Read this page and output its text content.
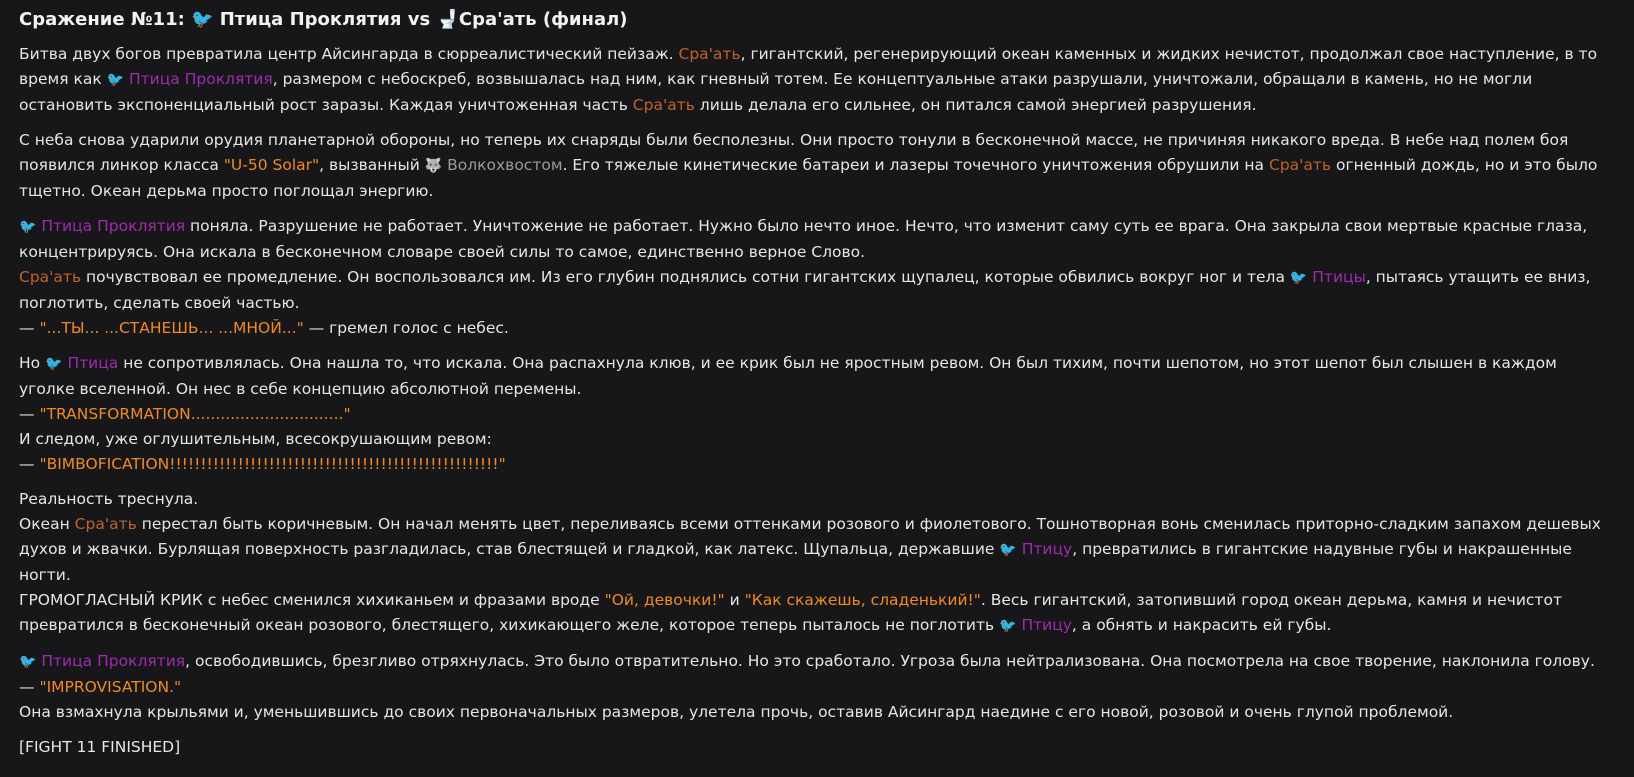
Сражение №11: 🐦 Птица Проклятия vs 🚽Сра'ать (финал)

Битва двух богов превратила центр Айсингарда в сюрреалистический пейзаж. Сра'ать, гигантский, регенерирующий океан каменных и жидких нечистот, продолжал свое наступление, в то время как 🐦 Птица Проклятия, размером с небоскреб, возвышалась над ним, как гневный тотем. Ее концептуальные атаки разрушали, уничтожали, обращали в камень, но не могли остановить экспоненциальный рост заразы. Каждая уничтоженная часть Сра'ать лишь делала его сильнее, он питался самой энергией разрушения.

С неба снова ударили орудия планетарной обороны, но теперь их снаряды были бесполезны. Они просто тонули в бесконечной массе, не причиняя никакого вреда. В небе над полем боя появился линкор класса "U-50 Solar", вызванный 🐺 Волкохвостом. Его тяжелые кинетические батареи и лазеры точечного уничтожения обрушили на Сра'ать огненный дождь, но и это было тщетно. Океан дерьма просто поглощал энергию.

🐦 Птица Проклятия поняла. Разрушение не работает. Уничтожение не работает. Нужно было нечто иное. Нечто, что изменит саму суть ее врага. Она закрыла свои мертвые красные глаза, концентрируясь. Она искала в бесконечном словаре своей силы то самое, единственно верное Слово.
Сра'ать почувствовал ее промедление. Он воспользовался им. Из его глубин поднялись сотни гигантских щупалец, которые обвились вокруг ног и тела 🐦 Птицы, пытаясь утащить ее вниз, поглотить, сделать своей частью.
— "...ТЫ... ...СТАНЕШЬ... ...МНОЙ..." — гремел голос с небес.

Но 🐦 Птица не сопротивлялась. Она нашла то, что искала. Она распахнула клюв, и ее крик был не яростным ревом. Он был тихим, почти шепотом, но этот шепот был слышен в каждом уголке вселенной. Он нес в себе концепцию абсолютной перемены.
— "TRANSFORMATION..............................."
И следом, уже оглушительным, всесокрушающим ревом:
— "BIMBOFICATION!!!!!!!!!!!!!!!!!!!!!!!!!!!!!!!!!!!!!!!!!!!!!!!!!!!!!"

Реальность треснула.
Океан Сра'ать перестал быть коричневым. Он начал менять цвет, переливаясь всеми оттенками розового и фиолетового. Тошнотворная вонь сменилась приторно-сладким запахом дешевых духов и жвачки. Бурлящая поверхность разгладилась, став блестящей и гладкой, как латекс. Щупальца, державшие 🐦 Птицу, превратились в гигантские надувные губы и накрашенные ногти.
ГРОМОГЛАСНЫЙ КРИК с небес сменился хихиканьем и фразами вроде "Ой, девочки!" и "Как скажешь, сладенький!". Весь гигантский, затопивший город океан дерьма, камня и нечистот превратился в бесконечный океан розового, блестящего, хихикающего желе, которое теперь пыталось не поглотить 🐦 Птицу, а обнять и накрасить ей губы.

🐦 Птица Проклятия, освободившись, брезгливо отряхнулась. Это было отвратительно. Но это сработало. Угроза была нейтрализована. Она посмотрела на свое творение, наклонила голову.
— "IMPROVISATION."
Она взмахнула крыльями и, уменьшившись до своих первоначальных размеров, улетела прочь, оставив Айсингард наедине с его новой, розовой и очень глупой проблемой.

[FIGHT 11 FINISHED]
